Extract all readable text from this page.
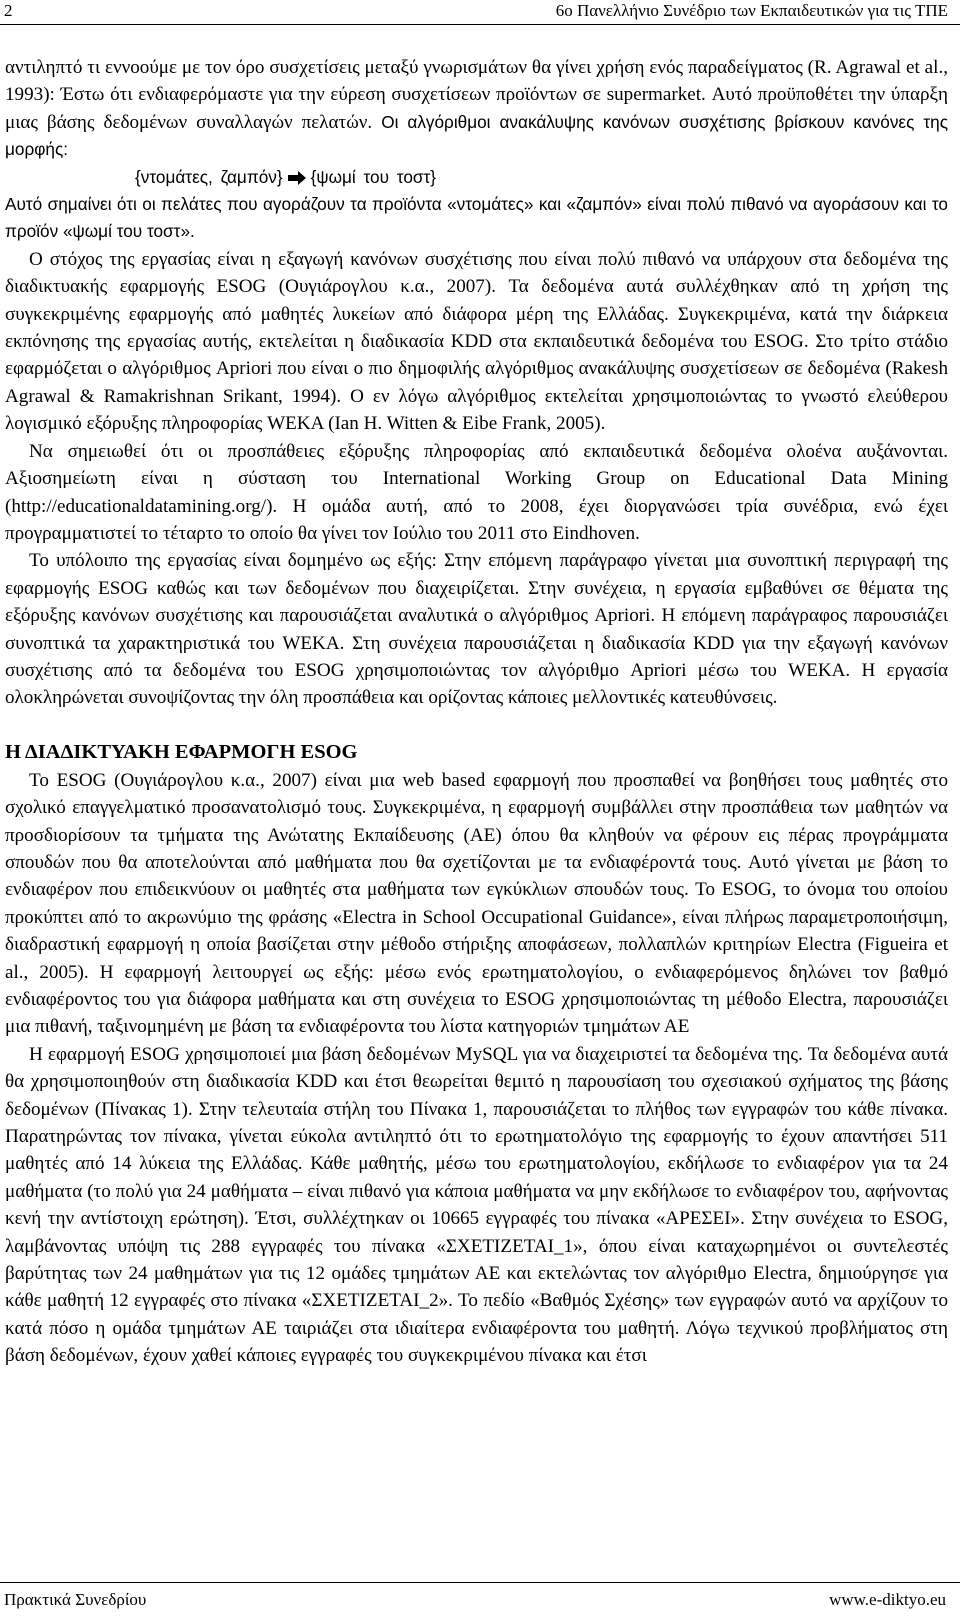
2	6ο Πανελλήνιο Συνέδριο των Εκπαιδευτικών για τις ΤΠΕ

αντιληπτό τι εννοούμε με τον όρο συσχετίσεις μεταξύ γνωρισμάτων θα γίνει χρήση ενός παραδείγματος (R. Agrawal et al., 1993): Έστω ότι ενδιαφερόμαστε για την εύρεση συσχετίσεων προϊόντων σε supermarket. Αυτό προϋποθέτει την ύπαρξη μιας βάσης δεδομένων συναλλαγών πελατών. Οι αλγόριθμοι ανακάλυψης κανόνων συσχέτισης βρίσκουν κανόνες της μορφής:

{ντομάτες, ζαμπόν} {ψωμί του τοστ}

Αυτό σημαίνει ότι οι πελάτες που αγοράζουν τα προϊόντα «ντομάτες» και «ζαμπόν» είναι πολύ πιθανό να αγοράσουν και το προϊόν «ψωμί του τοστ».

Ο στόχος της εργασίας είναι η εξαγωγή κανόνων συσχέτισης που είναι πολύ πιθανό να υπάρχουν στα δεδομένα της διαδικτυακής εφαρμογής ESOG (Ουγιάρογλου κ.α., 2007). Τα δεδομένα αυτά συλλέχθηκαν από τη χρήση της συγκεκριμένης εφαρμογής από μαθητές λυκείων από διάφορα μέρη της Ελλάδας. Συγκεκριμένα, κατά την διάρκεια εκπόνησης της εργασίας αυτής, εκτελείται η διαδικασία KDD στα εκπαιδευτικά δεδομένα του ESOG. Στο τρίτο στάδιο εφαρμόζεται ο αλγόριθμος Apriori που είναι ο πιο δημοφιλής αλγόριθμος ανακάλυψης συσχετίσεων σε δεδομένα (Rakesh Agrawal & Ramakrishnan Srikant, 1994). Ο εν λόγω αλγόριθμος εκτελείται χρησιμοποιώντας το γνωστό ελεύθερου λογισμικό εξόρυξης πληροφορίας WEKA (Ian H. Witten & Eibe Frank, 2005).

Να σημειωθεί ότι οι προσπάθειες εξόρυξης πληροφορίας από εκπαιδευτικά δεδομένα ολοένα αυξάνονται. Αξιοσημείωτη είναι η σύσταση του International Working Group on Educational Data Mining (http://educationaldatamining.org/). Η ομάδα αυτή, από το 2008, έχει διοργανώσει τρία συνέδρια, ενώ έχει προγραμματιστεί το τέταρτο το οποίο θα γίνει τον Ιούλιο του 2011 στο Eindhoven.

Το υπόλοιπο της εργασίας είναι δομημένο ως εξής: Στην επόμενη παράγραφο γίνεται μια συνοπτική περιγραφή της εφαρμογής ESOG καθώς και των δεδομένων που διαχειρίζεται. Στην συνέχεια, η εργασία εμβαθύνει σε θέματα της εξόρυξης κανόνων συσχέτισης και παρουσιάζεται αναλυτικά ο αλγόριθμος Apriori. Η επόμενη παράγραφος παρουσιάζει συνοπτικά τα χαρακτηριστικά του WEKA. Στη συνέχεια παρουσιάζεται η διαδικασία KDD για την εξαγωγή κανόνων συσχέτισης από τα δεδομένα του ESOG χρησιμοποιώντας τον αλγόριθμο Apriori μέσω του WEKA. Η εργασία ολοκληρώνεται συνοψίζοντας την όλη προσπάθεια και ορίζοντας κάποιες μελλοντικές κατευθύνσεις.

Η ΔΙΑΔΙΚΤΥΑΚΗ ΕΦΑΡΜΟΓΗ ESOG

Το ESOG (Ουγιάρογλου κ.α., 2007) είναι μια web based εφαρμογή που προσπαθεί να βοηθήσει τους μαθητές στο σχολικό επαγγελματικό προσανατολισμό τους. Συγκεκριμένα, η εφαρμογή συμβάλλει στην προσπάθεια των μαθητών να προσδιορίσουν τα τμήματα της Ανώτατης Εκπαίδευσης (ΑΕ) όπου θα κληθούν να φέρουν εις πέρας προγράμματα σπουδών που θα αποτελούνται από μαθήματα που θα σχετίζονται με τα ενδιαφέροντά τους. Αυτό γίνεται με βάση το ενδιαφέρον που επιδεικνύουν οι μαθητές στα μαθήματα των εγκύκλιων σπουδών τους. Το ESOG, το όνομα του οποίου προκύπτει από το ακρωνύμιο της φράσης «Electra in School Occupational Guidance», είναι πλήρως παραμετροποιήσιμη, διαδραστική εφαρμογή η οποία βασίζεται στην μέθοδο στήριξης αποφάσεων, πολλαπλών κριτηρίων Electra (Figueira et al., 2005). Η εφαρμογή λειτουργεί ως εξής: μέσω ενός ερωτηματολογίου, ο ενδιαφερόμενος δηλώνει τον βαθμό ενδιαφέροντος του για διάφορα μαθήματα και στη συνέχεια το ESOG χρησιμοποιώντας τη μέθοδο Electra, παρουσιάζει μια πιθανή, ταξινομημένη με βάση τα ενδιαφέροντα του λίστα κατηγοριών τμημάτων ΑΕ

Η εφαρμογή ESOG χρησιμοποιεί μια βάση δεδομένων MySQL για να διαχειριστεί τα δεδομένα της. Τα δεδομένα αυτά θα χρησιμοποιηθούν στη διαδικασία KDD και έτσι θεωρείται θεμιτό η παρουσίαση του σχεσιακού σχήματος της βάσης δεδομένων (Πίνακας 1). Στην τελευταία στήλη του Πίνακα 1, παρουσιάζεται το πλήθος των εγγραφών του κάθε πίνακα. Παρατηρώντας τον πίνακα, γίνεται εύκολα αντιληπτό ότι το ερωτηματολόγιο της εφαρμογής το έχουν απαντήσει 511 μαθητές από 14 λύκεια της Ελλάδας. Κάθε μαθητής, μέσω του ερωτηματολογίου, εκδήλωσε το ενδιαφέρον για τα 24 μαθήματα (το πολύ για 24 μαθήματα – είναι πιθανό για κάποια μαθήματα να μην εκδήλωσε το ενδιαφέρον του, αφήνοντας κενή την αντίστοιχη ερώτηση). Έτσι, συλλέχτηκαν οι 10665 εγγραφές του πίνακα «ΑΡΕΣΕΙ». Στην συνέχεια το ESOG, λαμβάνοντας υπόψη τις 288 εγγραφές του πίνακα «ΣΧΕΤΙΖΕΤΑΙ_1», όπου είναι καταχωρημένοι οι συντελεστές βαρύτητας των 24 μαθημάτων για τις 12 ομάδες τμημάτων ΑΕ και εκτελώντας τον αλγόριθμο Electra, δημιούργησε για κάθε μαθητή 12 εγγραφές στο πίνακα «ΣΧΕΤΙΖΕΤΑΙ_2». Το πεδίο «Βαθμός Σχέσης» των εγγραφών αυτό να αρχίζουν το κατά πόσο η ομάδα τμημάτων ΑΕ ταιριάζει στα ιδιαίτερα ενδιαφέροντα του μαθητή. Λόγω τεχνικού προβλήματος στη βάση δεδομένων, έχουν χαθεί κάποιες εγγραφές του συγκεκριμένου πίνακα και έτσι

Πρακτικά Συνεδρίου	www.e-diktyo.eu
